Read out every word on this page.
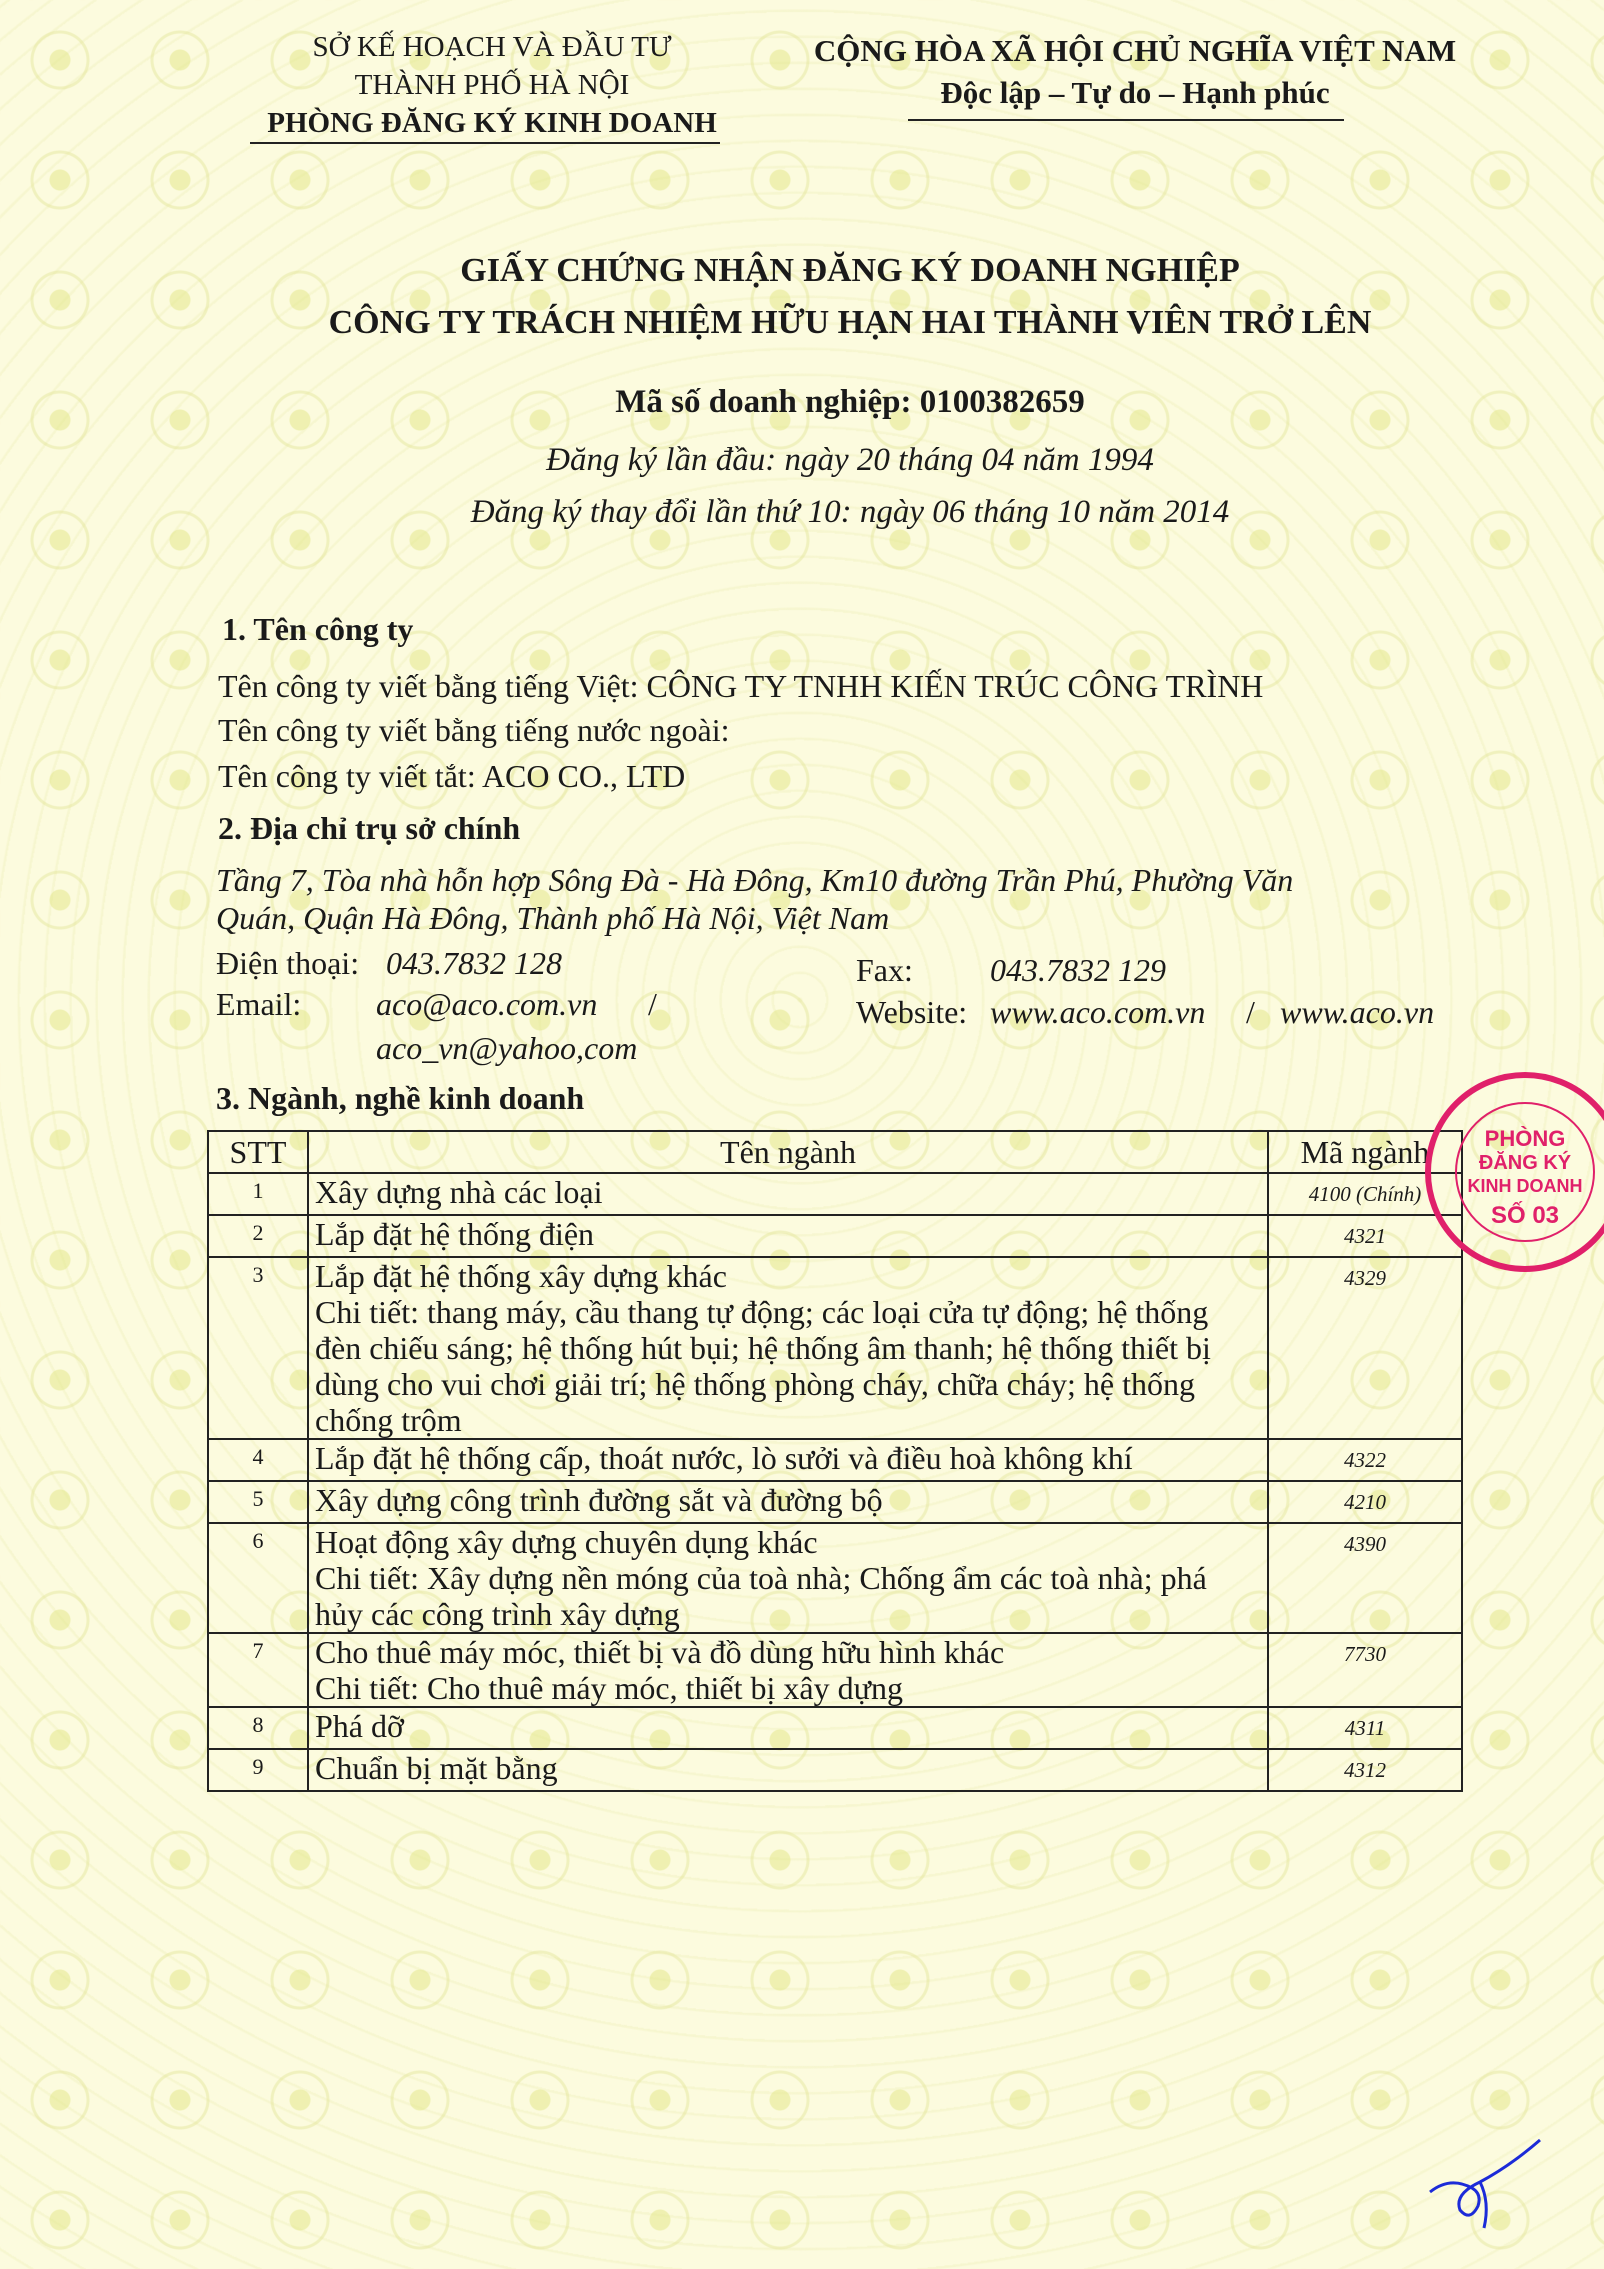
SỞ KẾ HOẠCH VÀ ĐẦU TƯ
THÀNH PHỐ HÀ NỘI
PHÒNG ĐĂNG KÝ KINH DOANH
CỘNG HÒA XÃ HỘI CHỦ NGHĨA VIỆT NAM
Độc lập – Tự do – Hạnh phúc
GIẤY CHỨNG NHẬN ĐĂNG KÝ DOANH NGHIỆP
CÔNG TY TRÁCH NHIỆM HỮU HẠN HAI THÀNH VIÊN TRỞ LÊN
Mã số doanh nghiệp: 0100382659
Đăng ký lần đầu: ngày 20 tháng 04 năm 1994
Đăng ký thay đổi lần thứ 10: ngày 06 tháng 10 năm 2014
1. Tên công ty
Tên công ty viết bằng tiếng Việt: CÔNG TY TNHH KIẾN TRÚC CÔNG TRÌNH
Tên công ty viết bằng tiếng nước ngoài:
Tên công ty viết tắt: ACO CO., LTD
2. Địa chỉ trụ sở chính
Tầng 7, Tòa nhà hỗn hợp Sông Đà - Hà Đông, Km10 đường Trần Phú, Phường Văn
Quán, Quận Hà Đông, Thành phố Hà Nội, Việt Nam
Điện thoại: 043.7832 128	Fax: 043.7832 129
Email: aco@aco.com.vn /
aco_vn@yahoo,com
Website: www.aco.com.vn / www.aco.vn
3. Ngành, nghề kinh doanh
STT	Tên ngành	Mã ngành
1	Xây dựng nhà các loại	4100 (Chính)
2	Lắp đặt hệ thống điện	4321
3	Lắp đặt hệ thống xây dựng khác
Chi tiết: thang máy, cầu thang tự động; các loại cửa tự động; hệ thống đèn chiếu sáng; hệ thống hút bụi; hệ thống âm thanh; hệ thống thiết bị dùng cho vui chơi giải trí; hệ thống phòng cháy, chữa cháy; hệ thống chống trộm	4329
4	Lắp đặt hệ thống cấp, thoát nước, lò sưởi và điều hoà không khí	4322
5	Xây dựng công trình đường sắt và đường bộ	4210
6	Hoạt động xây dựng chuyên dụng khác
Chi tiết: Xây dựng nền móng của toà nhà; Chống ẩm các toà nhà; phá hủy các công trình xây dựng	4390
7	Cho thuê máy móc, thiết bị và đồ dùng hữu hình khác
Chi tiết: Cho thuê máy móc, thiết bị xây dựng	7730
8	Phá dỡ	4311
9	Chuẩn bị mặt bằng	4312
PHÒNG
ĐĂNG KÝ
KINH DOANH
SỐ 03
